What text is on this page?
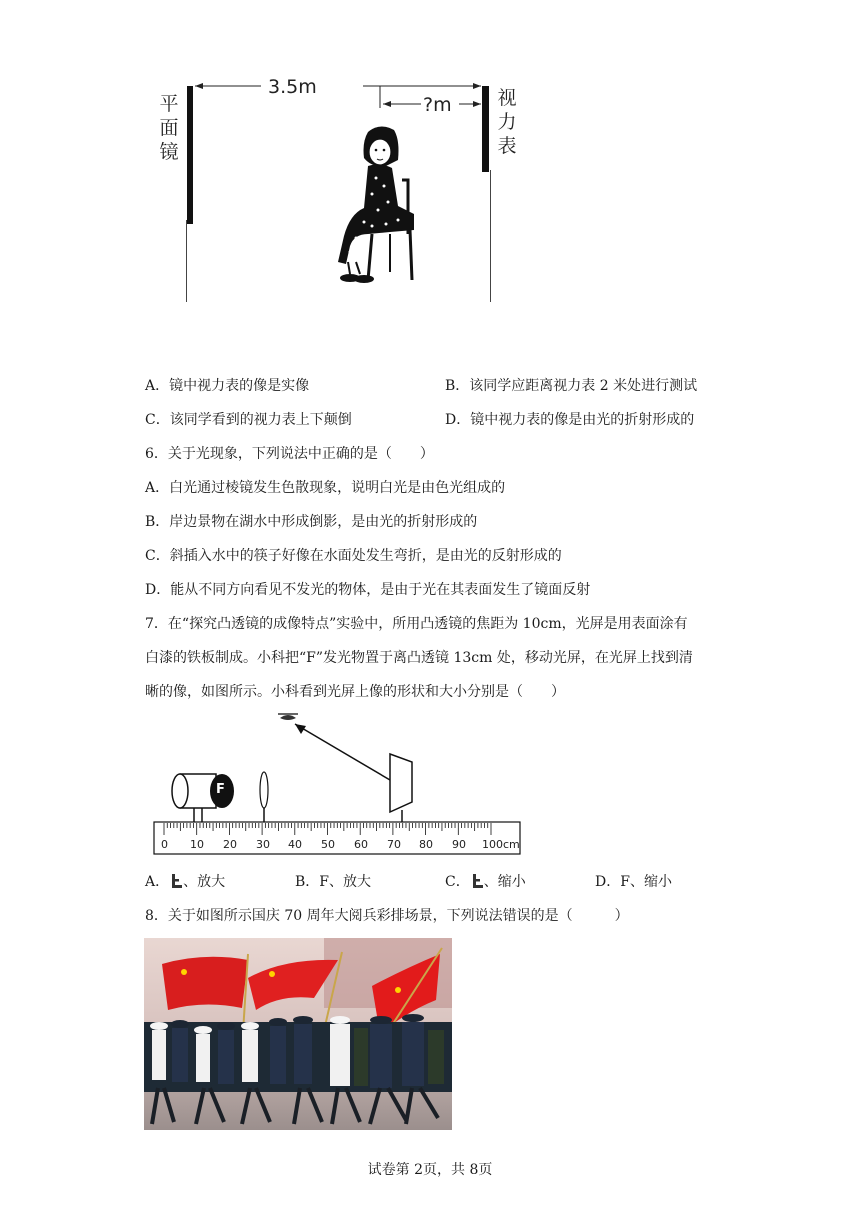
平
面
镜
视
力
表
3.5m
?m
A．镜中视力表的像是实像	B．该同学应距离视力表 2 米处进行测试
C．该同学看到的视力表上下颠倒	D．镜中视力表的像是由光的折射形成的
6．关于光现象，下列说法中正确的是（　　）
A．白光通过棱镜发生色散现象，说明白光是由色光组成的
B．岸边景物在湖水中形成倒影，是由光的折射形成的
C．斜插入水中的筷子好像在水面处发生弯折，是由光的反射形成的
D．能从不同方向看见不发光的物体，是由于光在其表面发生了镜面反射
7．在“探究凸透镜的成像特点”实验中，所用凸透镜的焦距为 10cm，光屏是用表面涂有
白漆的铁板制成。小科把“F”发光物置于离凸透镜 13cm 处，移动光屏，在光屏上找到清
晰的像，如图所示。小科看到光屏上像的形状和大小分别是（　　）
F
0 10 20 30 40 50 60 70 80 90 100cm
A． 、放大	B．F、放大	C． 、缩小	D．F、缩小
8．关于如图所示国庆 70 周年大阅兵彩排场景，下列说法错误的是（　　　）
试卷第 2页，共 8页
